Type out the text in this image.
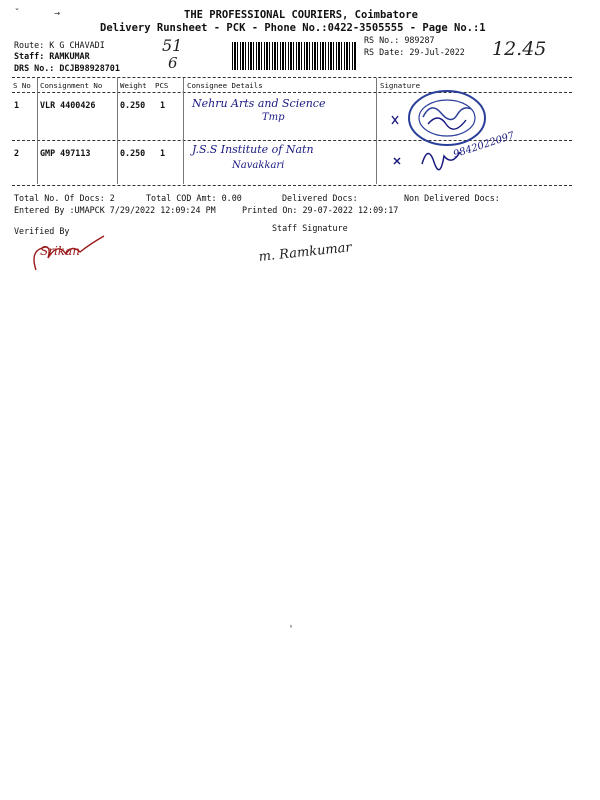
THE PROFESSIONAL COURIERS, Coimbatore
Delivery Runsheet - PCK - Phone No.:0422-3505555 - Page No.:1
Route: K G CHAVADI
Staff: RAMKUMAR
DRS No.: DCJB98928701
51
6
RS No.: 989287
RS Date: 29-Jul-2022 12.45
S No Consignment No Weight PCS	Consignee Details	Signature
1 VLR 4400426	0.250 1 Nehru Arts and Science
Tmp
2 GMP 497113	0.250 1 J.S.S Institute of Natn
Navakkari
9842022097
Total No. Of Docs: 2	Total COD Amt: 0.00	Delivered Docs:	Non Delivered Docs:
Entered By :UMAPCK 7/29/2022 12:09:24 PM	Printed On: 29-07-2022 12:09:17
Verified By	Staff Signature
Srikan	m. Ramkumar
ˇ	→
'
